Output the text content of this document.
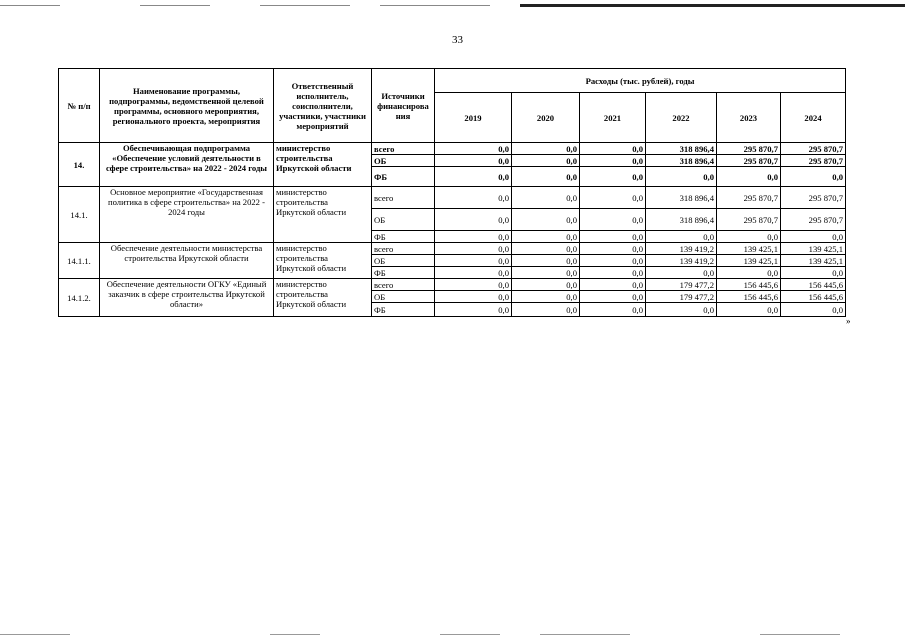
33
№ п/п	Наименование программы, подпрограммы, ведомственной целевой программы, основного мероприятия, регионального проекта, мероприятия	Ответственный исполнитель, соисполнители, участники, участники мероприятий	Источники финансирова ния	Расходы (тыс. рублей), годы					
				2019	2020	2021	2022	2023	2024
14.	Обеспечивающая подпрограмма «Обеспечение условий деятельности в сфере строительства» на 2022 - 2024 годы	министерство строительства Иркутской области	всего	0,0	0,0	0,0	318 896,4	295 870,7	295 870,7
			ОБ	0,0	0,0	0,0	318 896,4	295 870,7	295 870,7
			ФБ	0,0	0,0	0,0	0,0	0,0	0,0
14.1.	Основное мероприятие «Государственная политика в сфере строительства» на 2022 - 2024 годы	министерство строительства Иркутской области	всего	0,0	0,0	0,0	318 896,4	295 870,7	295 870,7
			ОБ	0,0	0,0	0,0	318 896,4	295 870,7	295 870,7
			ФБ	0,0	0,0	0,0	0,0	0,0	0,0
14.1.1.	Обеспечение деятельности министерства строительства Иркутской области	министерство строительства Иркутской области	всего	0,0	0,0	0,0	139 419,2	139 425,1	139 425,1
			ОБ	0,0	0,0	0,0	139 419,2	139 425,1	139 425,1
			ФБ	0,0	0,0	0,0	0,0	0,0	0,0
14.1.2.	Обеспечение деятельности ОГКУ «Единый заказчик в сфере строительства Иркутской области»	министерство строительства Иркутской области	всего	0,0	0,0	0,0	179 477,2	156 445,6	156 445,6
			ОБ	0,0	0,0	0,0	179 477,2	156 445,6	156 445,6
			ФБ	0,0	0,0	0,0	0,0	0,0	0,0
»
